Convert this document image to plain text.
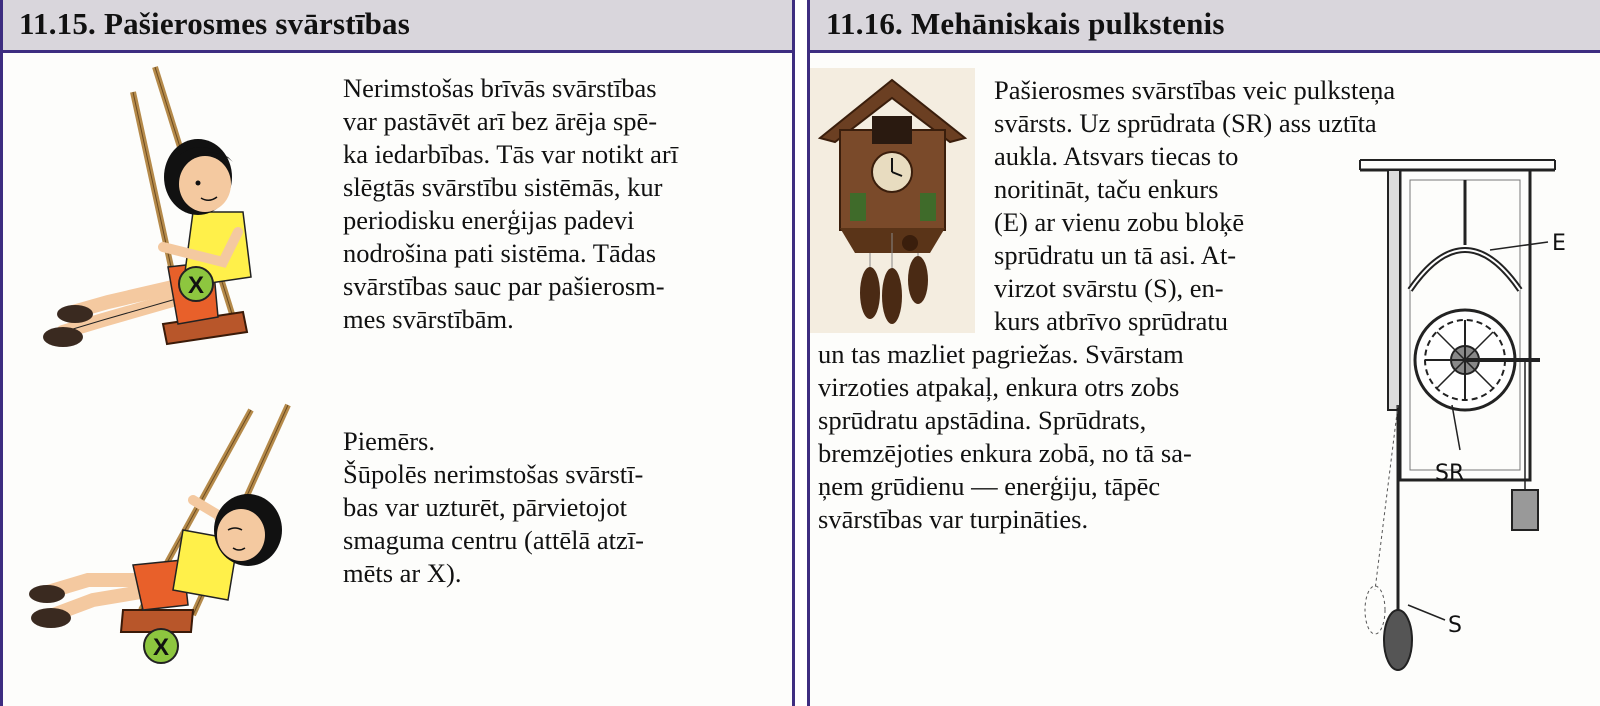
11.15. Pašierosmes svārstības
X
X
Nerimstošas brīvās svārstības
var pastāvēt arī bez ārēja spē-
ka iedarbības. Tās var notikt arī
slēgtās svārstību sistēmās, kur
periodisku enerģijas padevi
nodrošina pati sistēma. Tādas
svārstības sauc par pašierosm-
mes svārstībām.
Piemērs.
Šūpolēs nerimstošas svārstī-
bas var uzturēt, pārvietojot
smaguma centru (attēlā atzī-
mēts ar X).
11.16. Mehāniskais pulkstenis
Pašierosmes svārstības veic pulksteņa
svārsts. Uz sprūdrata (SR) ass uztīta
aukla. Atsvars tiecas to
noritināt, taču enkurs
(E) ar vienu zobu bloķē
sprūdratu un tā asi. At-
virzot svārstu (S), en-
kurs atbrīvo sprūdratu
un tas mazliet pagriežas. Svārstam
virzoties atpakaļ, enkura otrs zobs
sprūdratu apstādina. Sprūdrats,
bremzējoties enkura zobā, no tā sa-
ņem grūdienu — enerģiju, tāpēc
svārstības var turpināties.
E
SR
S
